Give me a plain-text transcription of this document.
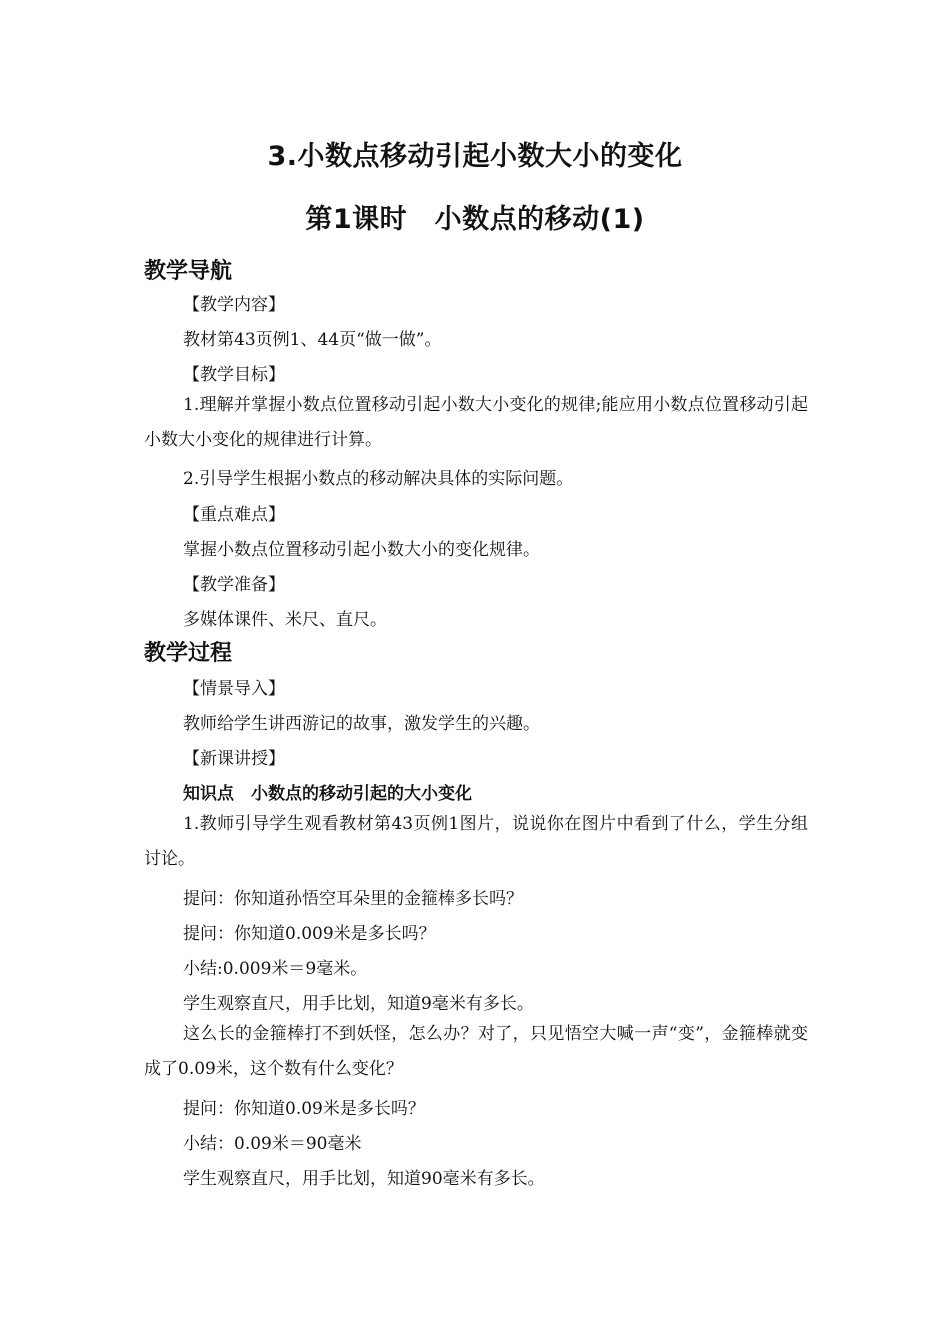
3.小数点移动引起小数大小的变化
第1课时　小数点的移动(1)
教学导航
【教学内容】
教材第43页例1、44页“做一做”。
【教学目标】
1.理解并掌握小数点位置移动引起小数大小变化的规律;能应用小数点位置移动引起小数大小变化的规律进行计算。
2.引导学生根据小数点的移动解决具体的实际问题。
【重点难点】
掌握小数点位置移动引起小数大小的变化规律。
【教学准备】
多媒体课件、米尺、直尺。
教学过程
【情景导入】
教师给学生讲西游记的故事，激发学生的兴趣。
【新课讲授】
知识点　小数点的移动引起的大小变化
1.教师引导学生观看教材第43页例1图片，说说你在图片中看到了什么，学生分组讨论。
提问：你知道孙悟空耳朵里的金箍棒多长吗？
提问：你知道0.009米是多长吗？
小结:0.009米＝9毫米。
学生观察直尺，用手比划，知道9毫米有多长。
这么长的金箍棒打不到妖怪，怎么办？对了，只见悟空大喊一声“变”，金箍棒就变成了0.09米，这个数有什么变化？
提问：你知道0.09米是多长吗？
小结：0.09米＝90毫米
学生观察直尺，用手比划，知道90毫米有多长。
